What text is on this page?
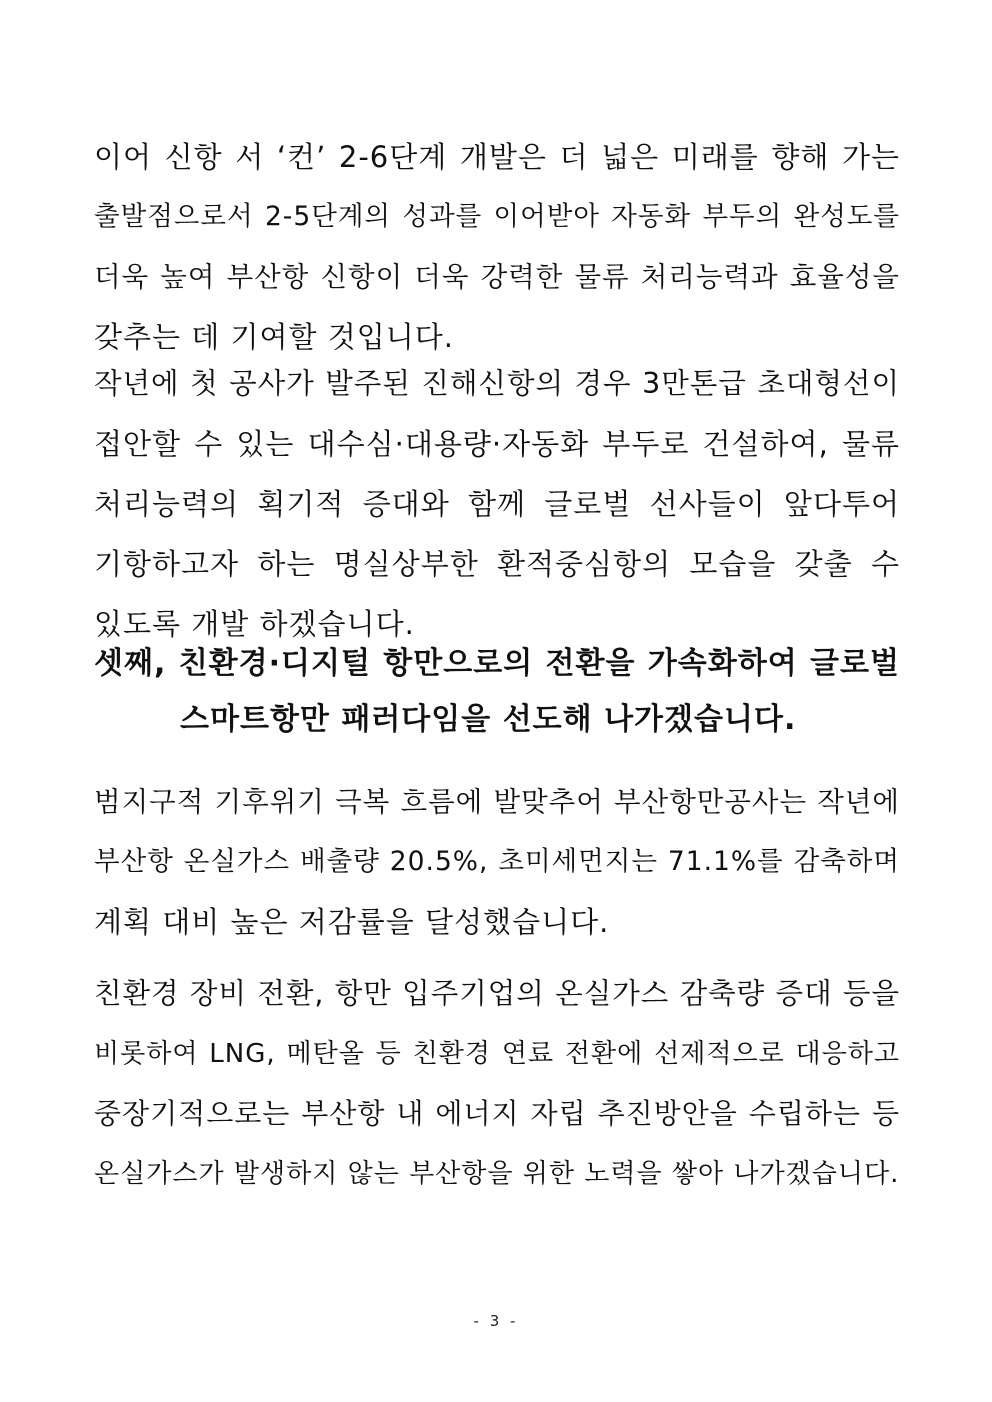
이어 신항 서 ‘컨’ 2-6단계 개발은 더 넓은 미래를 향해 가는
출발점으로서 2-5단계의 성과를 이어받아 자동화 부두의 완성도를
더욱 높여 부산항 신항이 더욱 강력한 물류 처리능력과 효율성을
갖추는 데 기여할 것입니다.
작년에 첫 공사가 발주된 진해신항의 경우 3만톤급 초대형선이
접안할 수 있는 대수심·대용량·자동화 부두로 건설하여, 물류
처리능력의 획기적 증대와 함께 글로벌 선사들이 앞다투어
기항하고자 하는 명실상부한 환적중심항의 모습을 갖출 수
있도록 개발 하겠습니다.
셋째, 친환경·디지털 항만으로의 전환을 가속화하여 글로벌
스마트항만 패러다임을 선도해 나가겠습니다.
범지구적 기후위기 극복 흐름에 발맞추어 부산항만공사는 작년에
부산항 온실가스 배출량 20.5%, 초미세먼지는 71.1%를 감축하며
계획 대비 높은 저감률을 달성했습니다.
친환경 장비 전환, 항만 입주기업의 온실가스 감축량 증대 등을
비롯하여 LNG, 메탄올 등 친환경 연료 전환에 선제적으로 대응하고
중장기적으로는 부산항 내 에너지 자립 추진방안을 수립하는 등
온실가스가 발생하지 않는 부산항을 위한 노력을 쌓아 나가겠습니다.
- 3 -
